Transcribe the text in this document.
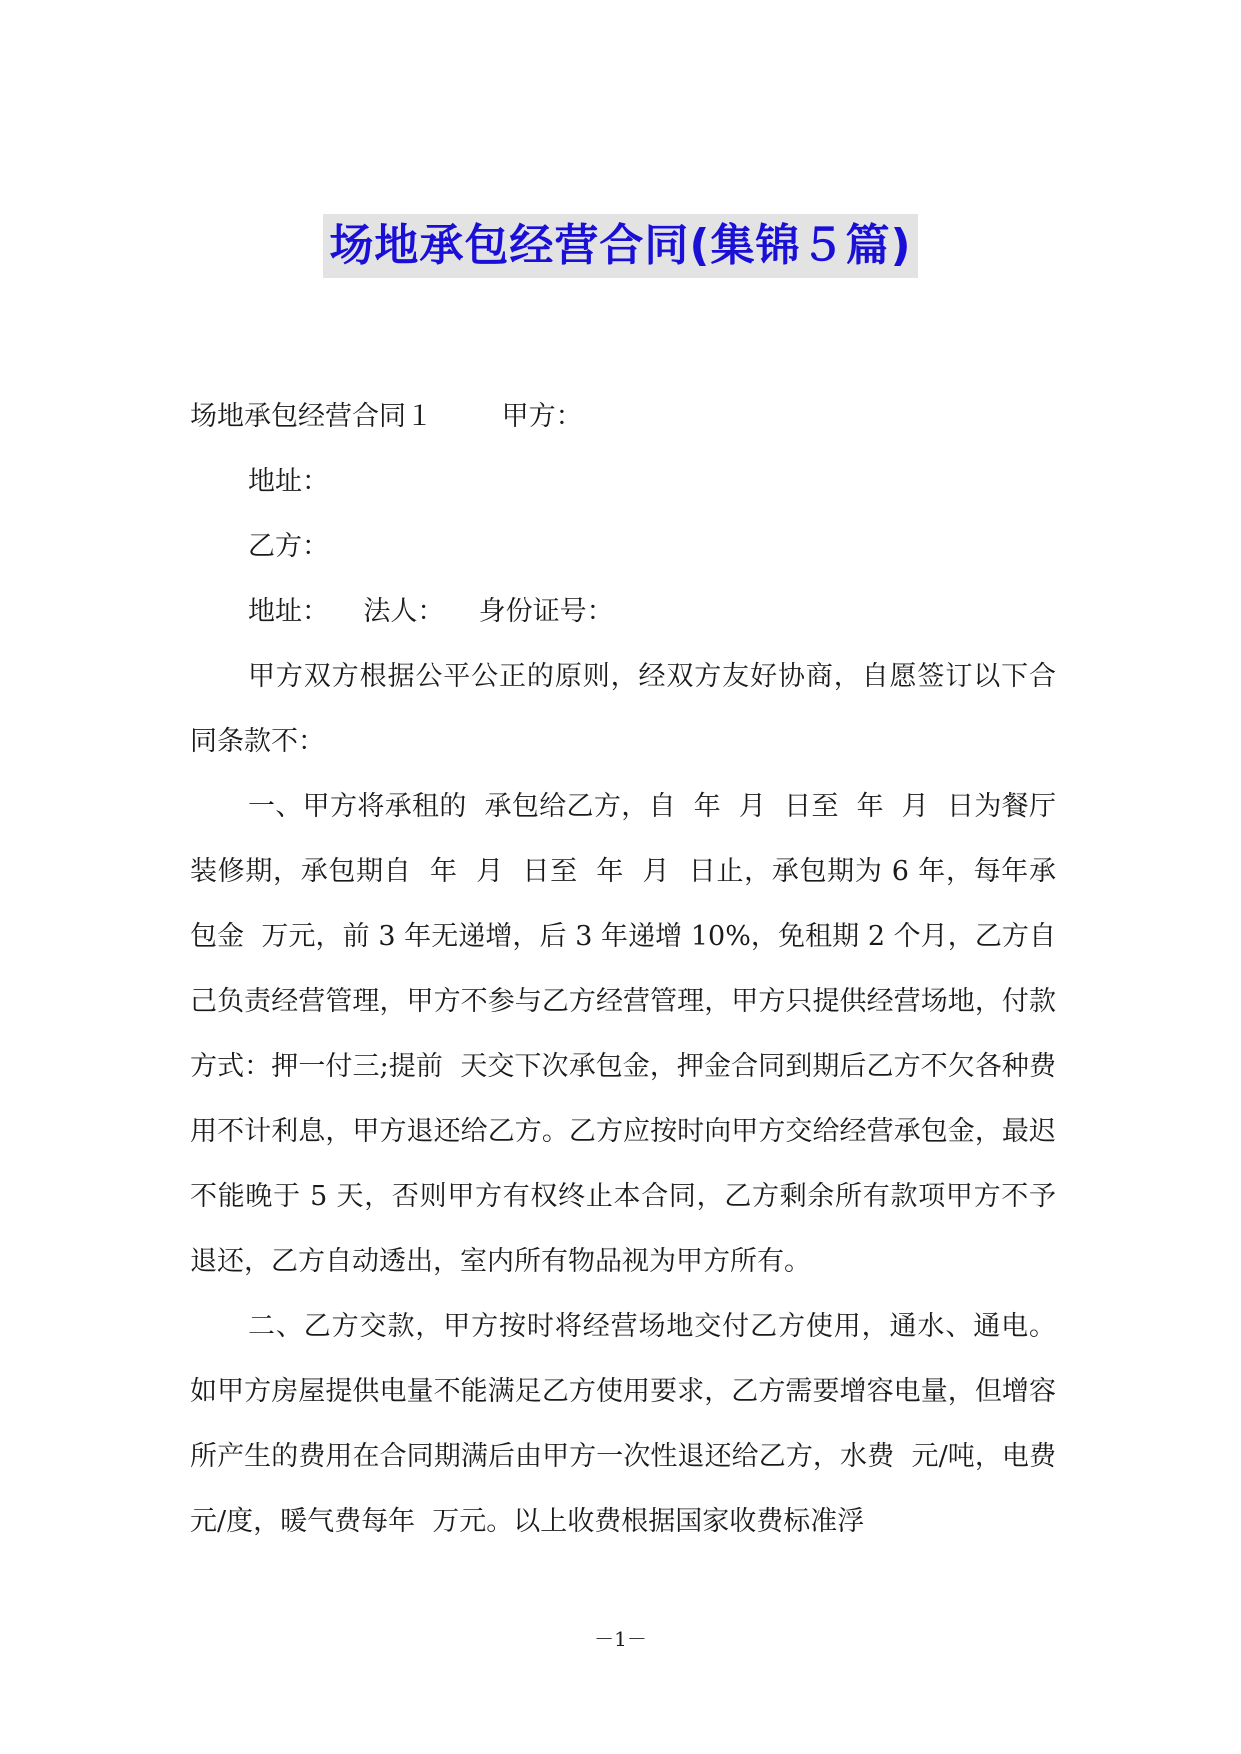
场地承包经营合同(集锦５篇)

场地承包经营合同１        甲方：

地址：

乙方：

地址：    法人：    身份证号：

甲方双方根据公平公正的原则，经双方友好协商，自愿签订以下合同条款不：

一、甲方将承租的  承包给乙方，自  年  月  日至  年  月  日为餐厅装修期，承包期自  年  月  日至  年  月  日止，承包期为 6 年，每年承包金  万元，前 3 年无递增，后 3 年递增 10%，免租期 2 个月，乙方自己负责经营管理，甲方不参与乙方经营管理，甲方只提供经营场地，付款方式：押一付三;提前  天交下次承包金，押金合同到期后乙方不欠各种费用不计利息，甲方退还给乙方。乙方应按时向甲方交给经营承包金，最迟不能晚于 5 天，否则甲方有权终止本合同，乙方剩余所有款项甲方不予退还，乙方自动透出，室内所有物品视为甲方所有。

二、乙方交款，甲方按时将经营场地交付乙方使用，通水、通电。如甲方房屋提供电量不能满足乙方使用要求，乙方需要增容电量，但增容所产生的费用在合同期满后由甲方一次性退还给乙方，水费  元/吨，电费  元/度，暖气费每年  万元。以上收费根据国家收费标准浮

－1－
